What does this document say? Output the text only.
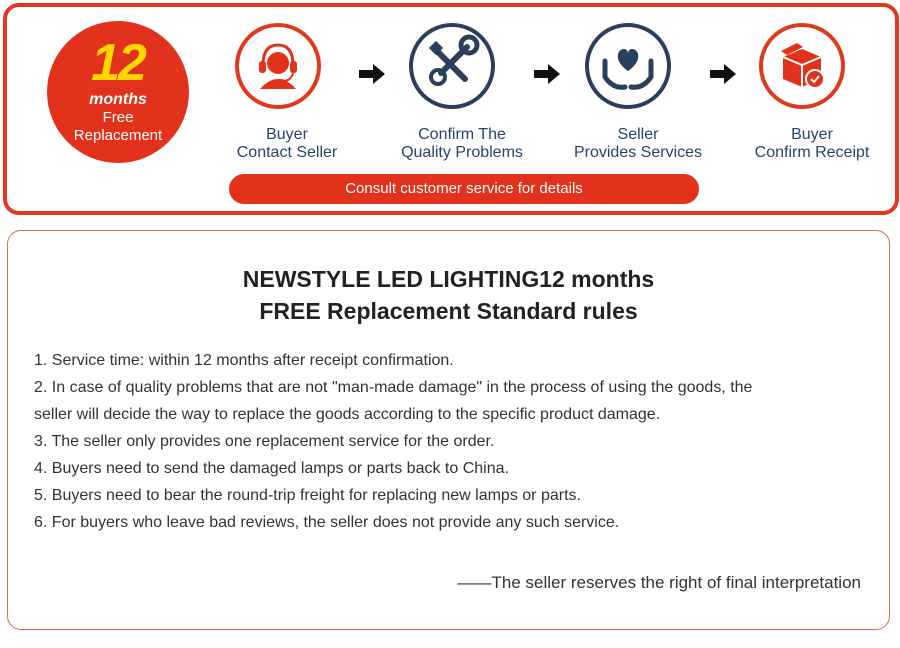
12
months
Free
Replacement	Buyer
Contact Seller
Confirm The
Quality Problems
Seller
Provides Services
Buyer
Confirm Receipt
Consult customer service for details
NEWSTYLE LED LIGHTING12 months
FREE Replacement Standard rules
1. Service time: within 12 months after receipt confirmation.
2. In case of quality problems that are not "man-made damage" in the process of using the goods, the
seller will decide the way to replace the goods according to the specific product damage.
3. The seller only provides one replacement service for the order.
4. Buyers need to send the damaged lamps or parts back to China.
5. Buyers need to bear the round-trip freight for replacing new lamps or parts.
6. For buyers who leave bad reviews, the seller does not provide any such service.
——The seller reserves the right of final interpretation
